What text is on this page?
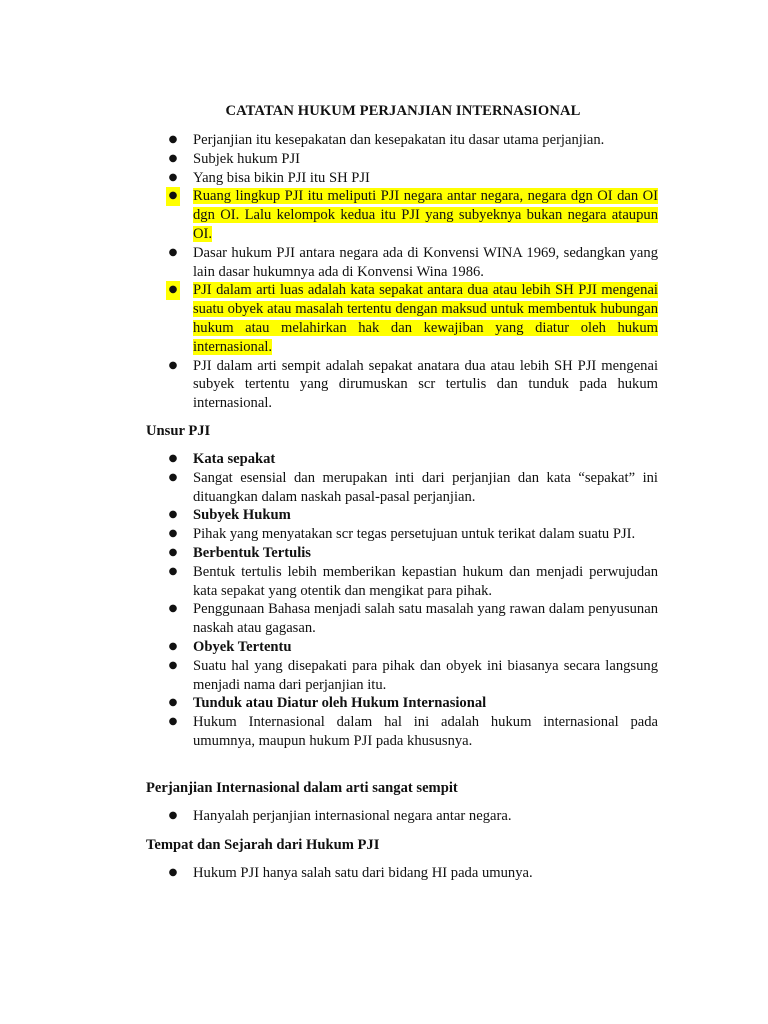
CATATAN HUKUM PERJANJIAN INTERNASIONAL
● Perjanjian itu kesepakatan dan kesepakatan itu dasar utama perjanjian.
● Subjek hukum PJI
● Yang bisa bikin PJI itu SH PJI
● Ruang lingkup PJI itu meliputi PJI negara antar negara, negara dgn OI dan OI dgn OI. Lalu kelompok kedua itu PJI yang subyeknya bukan negara ataupun OI.
● Dasar hukum PJI antara negara ada di Konvensi WINA 1969, sedangkan yang lain dasar hukumnya ada di Konvensi Wina 1986.
● PJI dalam arti luas adalah kata sepakat antara dua atau lebih SH PJI mengenai suatu obyek atau masalah tertentu dengan maksud untuk membentuk hubungan hukum atau melahirkan hak dan kewajiban yang diatur oleh hukum internasional.
● PJI dalam arti sempit adalah sepakat anatara dua atau lebih SH PJI mengenai subyek tertentu yang dirumuskan scr tertulis dan tunduk pada hukum internasional.
Unsur PJI
● Kata sepakat
● Sangat esensial dan merupakan inti dari perjanjian dan kata “sepakat” ini dituangkan dalam naskah pasal-pasal perjanjian.
● Subyek Hukum
● Pihak yang menyatakan scr tegas persetujuan untuk terikat dalam suatu PJI.
● Berbentuk Tertulis
● Bentuk tertulis lebih memberikan kepastian hukum dan menjadi perwujudan kata sepakat yang otentik dan mengikat para pihak.
● Penggunaan Bahasa menjadi salah satu masalah yang rawan dalam penyusunan naskah atau gagasan.
● Obyek Tertentu
● Suatu hal yang disepakati para pihak dan obyek ini biasanya secara langsung menjadi nama dari perjanjian itu.
● Tunduk atau Diatur oleh Hukum Internasional
● Hukum Internasional dalam hal ini adalah hukum internasional pada umumnya, maupun hukum PJI pada khususnya.
Perjanjian Internasional dalam arti sangat sempit
● Hanyalah perjanjian internasional negara antar negara.
Tempat dan Sejarah dari Hukum PJI
● Hukum PJI hanya salah satu dari bidang HI pada umunya.
